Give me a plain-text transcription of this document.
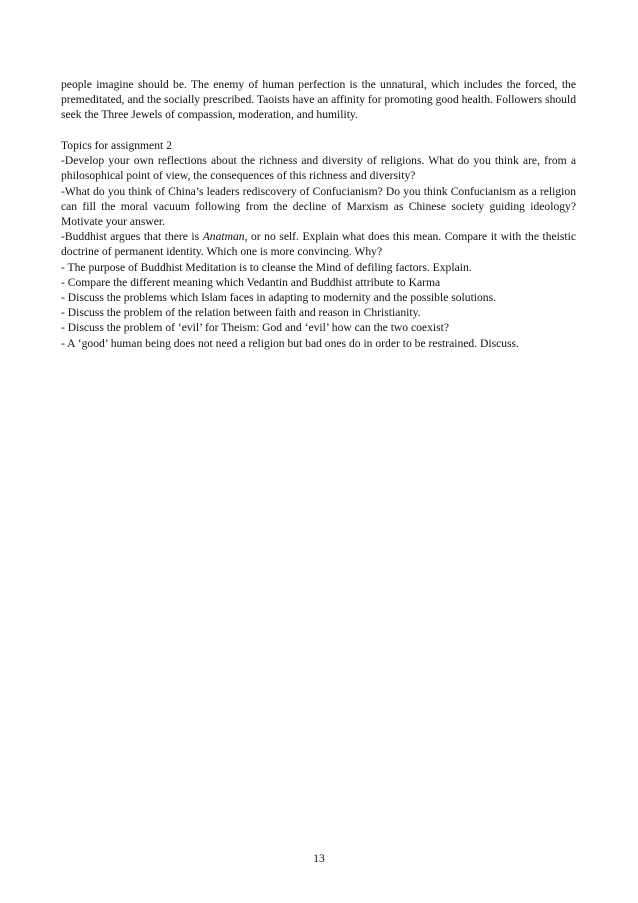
people imagine should be. The enemy of human perfection is the unnatural, which includes the forced, the premeditated, and the socially prescribed. Taoists have an affinity for promoting good health. Followers should seek the Three Jewels of compassion, moderation, and humility.

Topics for assignment 2

-Develop your own reflections about the richness and diversity of religions. What do you think are, from a philosophical point of view, the consequences of this richness and diversity?

-What do you think of China’s leaders rediscovery of Confucianism? Do you think Confucianism as a religion can fill the moral vacuum following from the decline of Marxism as Chinese society guiding ideology? Motivate your answer.

-Buddhist argues that there is Anatman, or no self. Explain what does this mean. Compare it with the theistic doctrine of permanent identity. Which one is more convincing. Why?

- The purpose of Buddhist Meditation is to cleanse the Mind of defiling factors. Explain.

- Compare the different meaning which Vedantin and Buddhist attribute to Karma

- Discuss the problems which Islam faces in adapting to modernity and the possible solutions.

- Discuss the problem of the relation between faith and reason in Christianity.

- Discuss the problem of ‘evil’ for Theism: God and ‘evil’ how can the two coexist?

- A ‘good’ human being does not need a religion but bad ones do in order to be restrained. Discuss.

13
